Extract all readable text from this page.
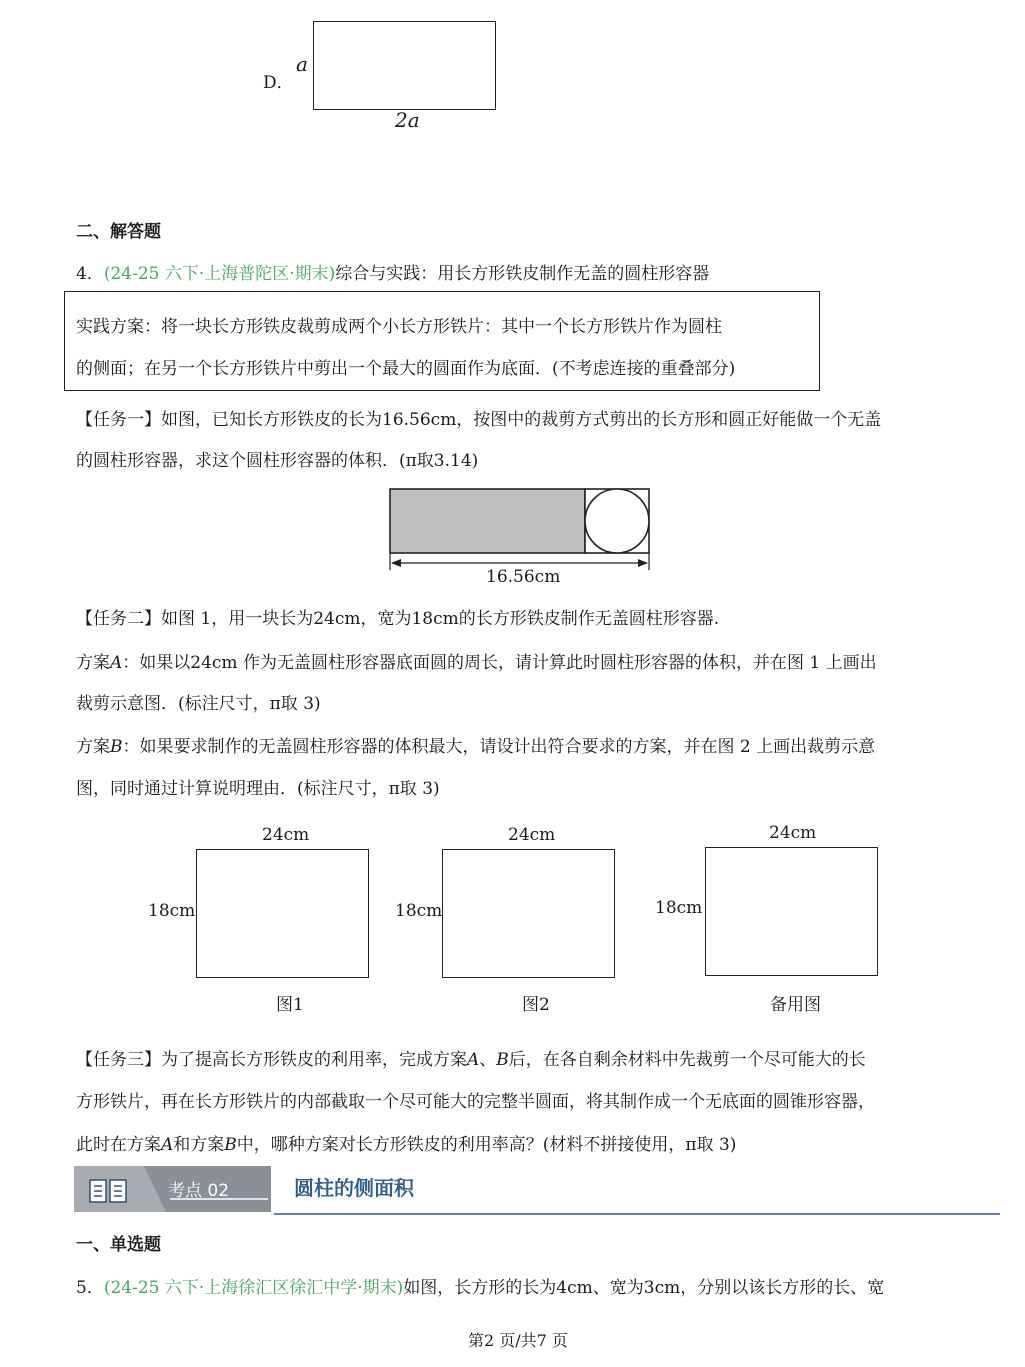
D．
a
2a
二、解答题
4．(24-25 六下·上海普陀区·期末)综合与实践：用长方形铁皮制作无盖的圆柱形容器
实践方案：将一块长方形铁皮裁剪成两个小长方形铁片：其中一个长方形铁片作为圆柱
的侧面；在另一个长方形铁片中剪出一个最大的圆面作为底面．(不考虑连接的重叠部分)
【任务一】如图，已知长方形铁皮的长为16.56cm，按图中的裁剪方式剪出的长方形和圆正好能做一个无盖
的圆柱形容器，求这个圆柱形容器的体积．(π取3.14)
16.56cm
【任务二】如图 1，用一块长为24cm，宽为18cm的长方形铁皮制作无盖圆柱形容器.
方案A：如果以24cm 作为无盖圆柱形容器底面圆的周长，请计算此时圆柱形容器的体积，并在图 1 上画出
裁剪示意图．(标注尺寸，π取 3)
方案B：如果要求制作的无盖圆柱形容器的体积最大，请设计出符合要求的方案，并在图 2 上画出裁剪示意
图，同时通过计算说明理由．(标注尺寸，π取 3)
24cm
18cm
图1
24cm
18cm
图2
24cm
18cm
备用图
【任务三】为了提高长方形铁皮的利用率，完成方案A、B后，在各自剩余材料中先裁剪一个尽可能大的长
方形铁片，再在长方形铁片的内部截取一个尽可能大的完整半圆面，将其制作成一个无底面的圆锥形容器，
此时在方案A和方案B中，哪种方案对长方形铁皮的利用率高？(材料不拼接使用，π取 3)
考点 02	圆柱的侧面积
一、单选题
5．(24-25 六下·上海徐汇区徐汇中学·期末)如图，长方形的长为4cm、宽为3cm，分别以该长方形的长、宽
第2 页/共7 页
